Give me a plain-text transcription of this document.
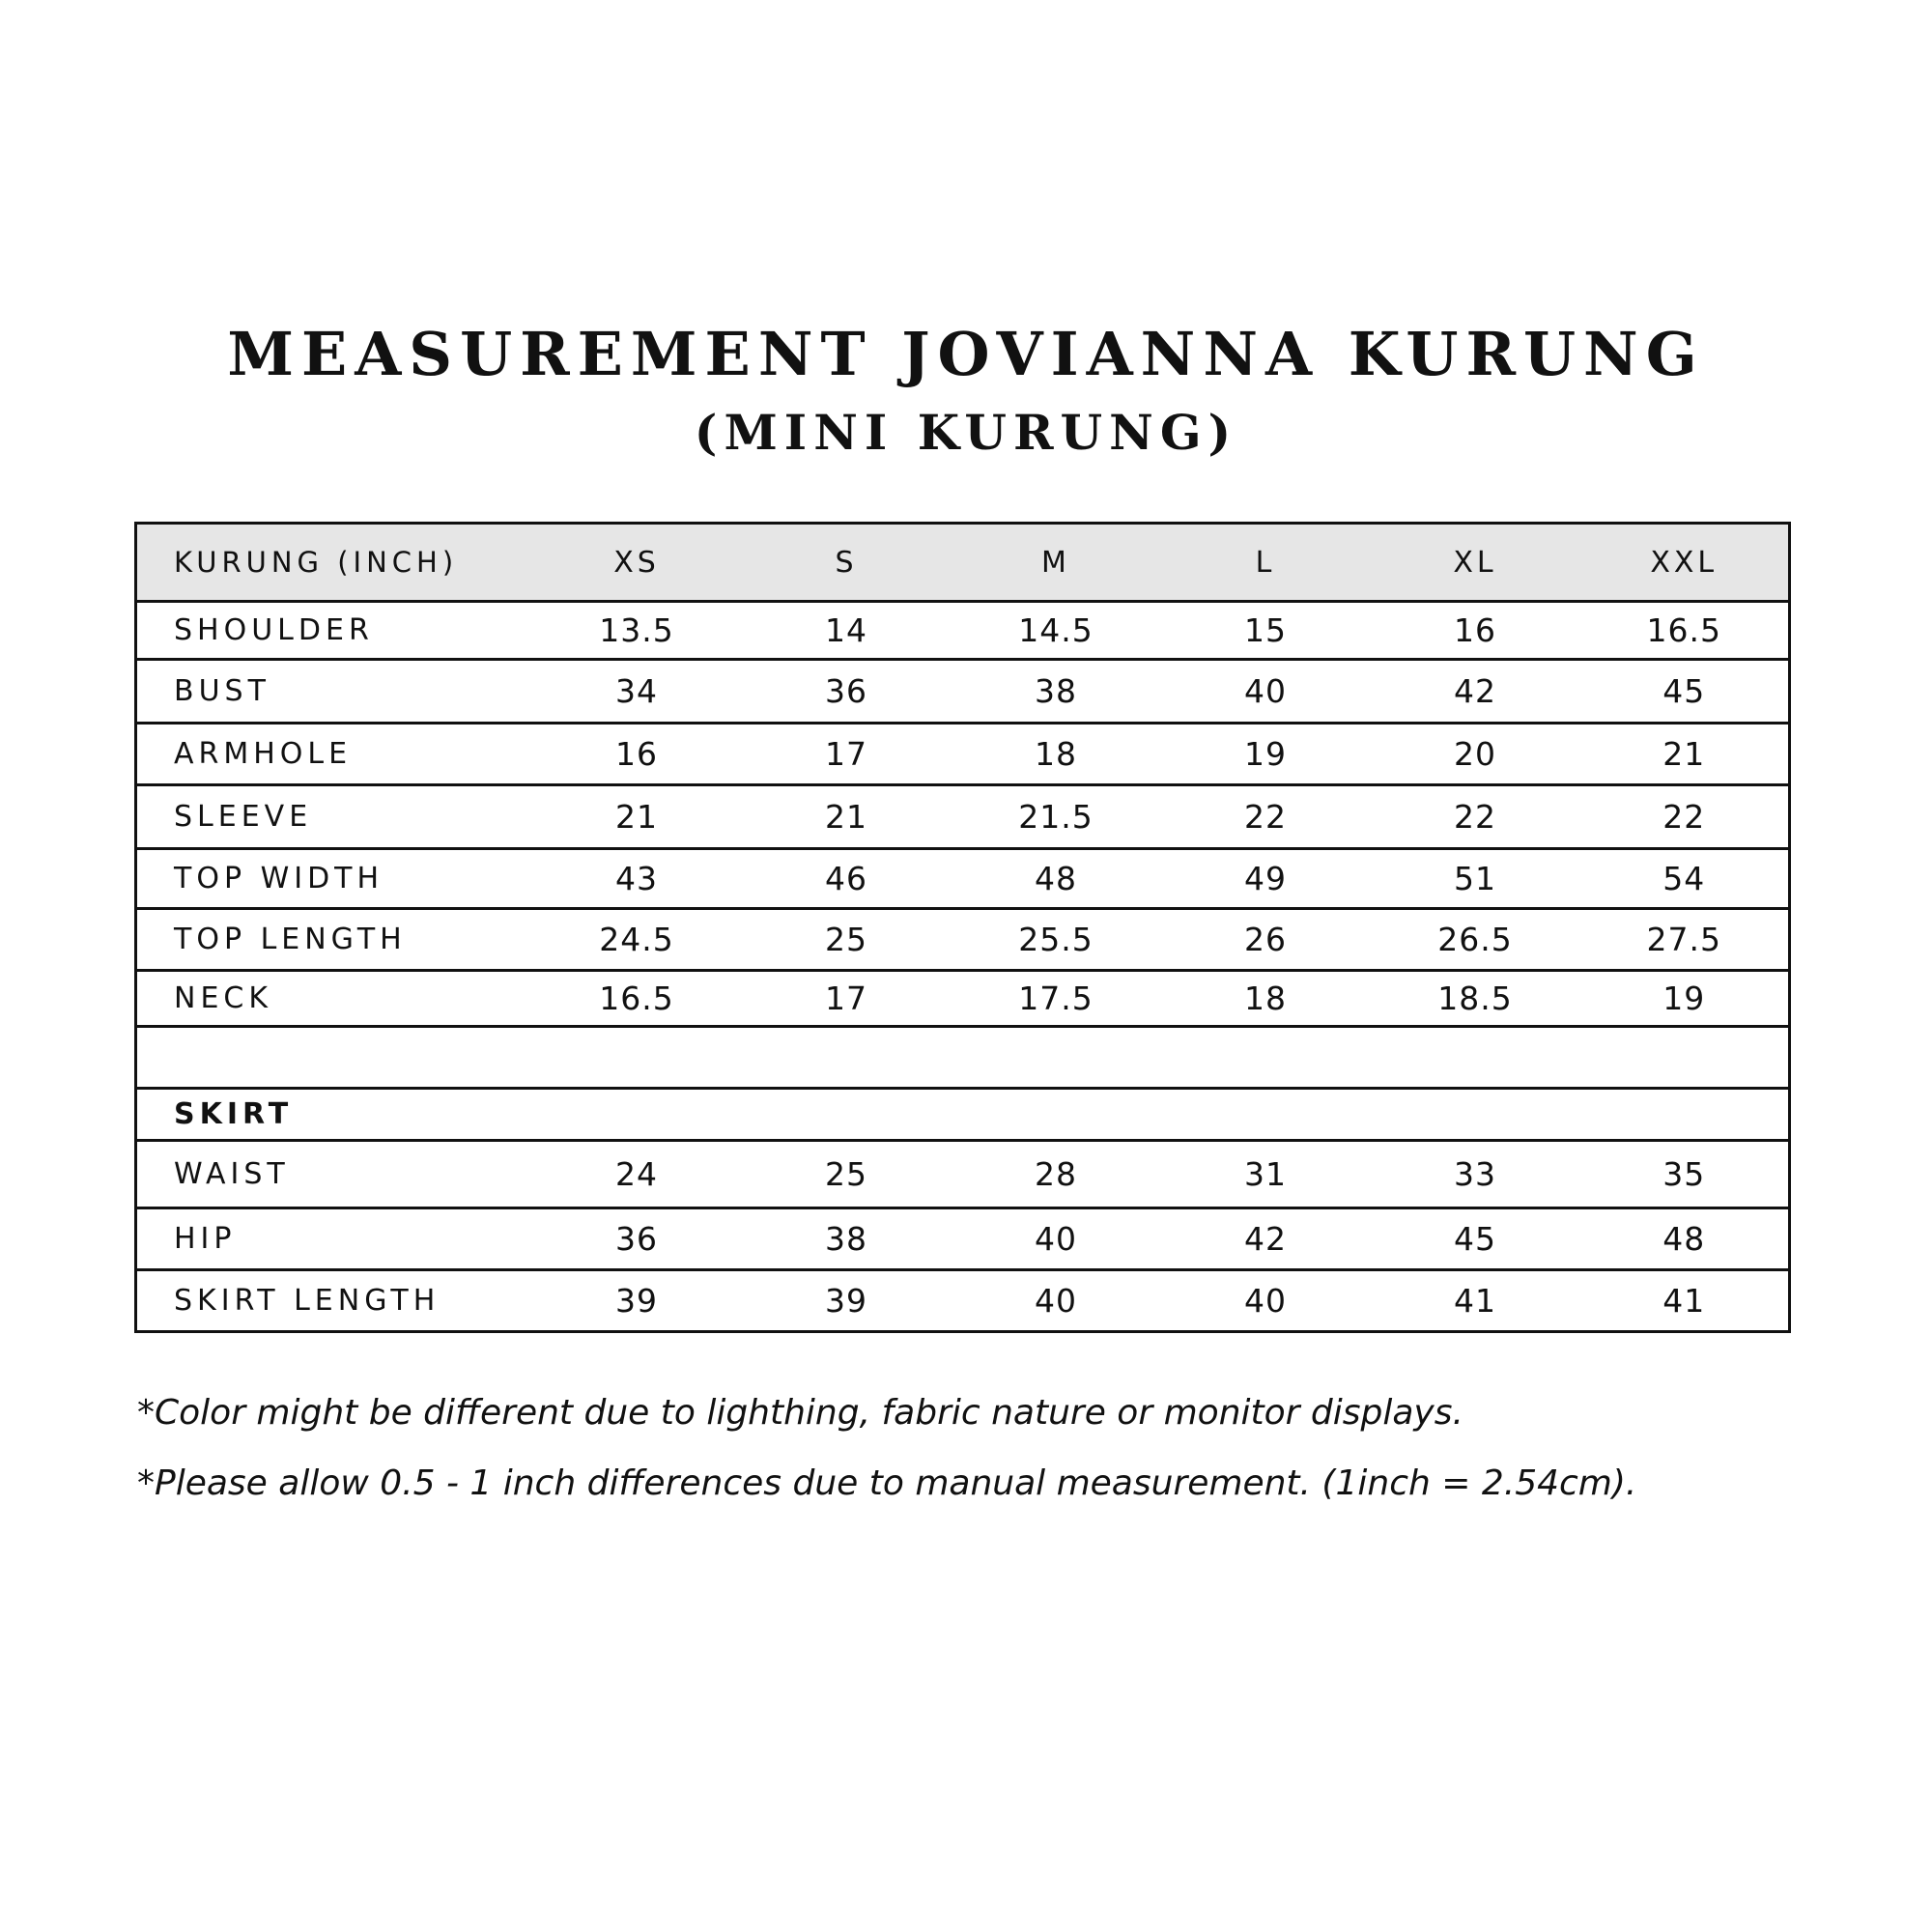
MEASUREMENT JOVIANNA KURUNG
(MINI KURUNG)
KURUNG (INCH)	XS	S	M	L	XL	XXL
SHOULDER	13.5	14	14.5	15	16	16.5
BUST	34	36	38	40	42	45
ARMHOLE	16	17	18	19	20	21
SLEEVE	21	21	21.5	22	22	22
TOP WIDTH	43	46	48	49	51	54
TOP LENGTH	24.5	25	25.5	26	26.5	27.5
NECK	16.5	17	17.5	18	18.5	19

SKIRT						
WAIST	24	25	28	31	33	35
HIP	36	38	40	42	45	48
SKIRT LENGTH	39	39	40	40	41	41
*Color might be different due to lighthing, fabric nature or monitor displays.
*Please allow 0.5 - 1 inch differences due to manual measurement. (1inch = 2.54cm).
